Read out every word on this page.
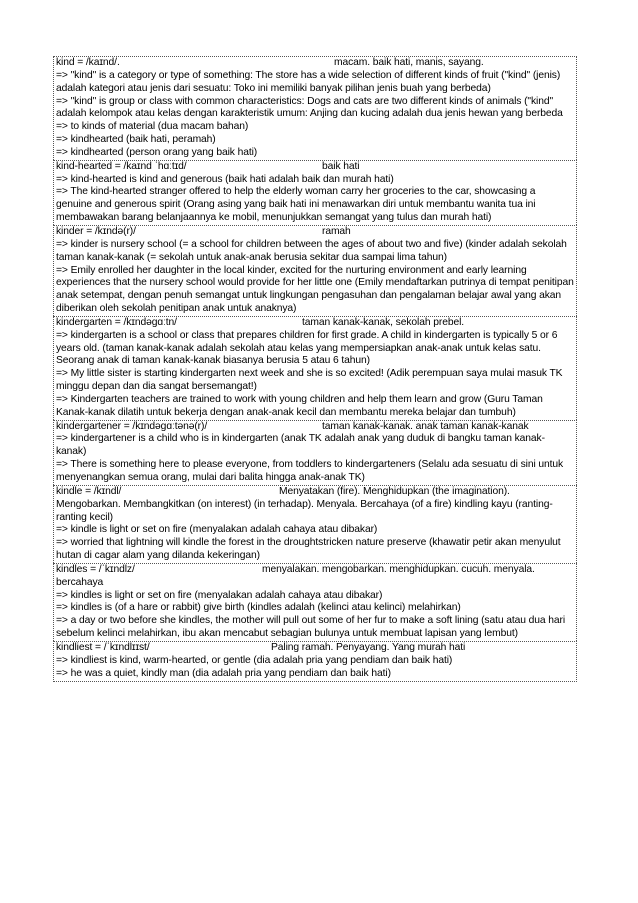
kind = /kaɪnd/.	macam. baik hati, manis, sayang.
=> "kind" is a category or type of something: The store has a wide selection of different kinds of fruit ("kind" (jenis) adalah kategori atau jenis dari sesuatu: Toko ini memiliki banyak pilihan jenis buah yang berbeda)
=> "kind" is group or class with common characteristics: Dogs and cats are two different kinds of animals ("kind" adalah kelompok atau kelas dengan karakteristik umum: Anjing dan kucing adalah dua jenis hewan yang berbeda
=> to kinds of material (dua macam bahan)
=> kindhearted (baik hati, peramah)
=> kindhearted (person orang yang baik hati)
kind-hearted = /kaɪnd ˈhɑːtɪd/	baik hati
=> kind-hearted is kind and generous (baik hati adalah baik dan murah hati)
=> The kind-hearted stranger offered to help the elderly woman carry her groceries to the car, showcasing a genuine and generous spirit (Orang asing yang baik hati ini menawarkan diri untuk membantu wanita tua ini membawakan barang belanjaannya ke mobil, menunjukkan semangat yang tulus dan murah hati)
kinder = /kɪndə(r)/	ramah
=> kinder is nursery school (= a school for children between the ages of about two and five) (kinder adalah sekolah taman kanak-kanak (= sekolah untuk anak-anak berusia sekitar dua sampai lima tahun)
=> Emily enrolled her daughter in the local kinder, excited for the nurturing environment and early learning experiences that the nursery school would provide for her little one (Emily mendaftarkan putrinya di tempat penitipan anak setempat, dengan penuh semangat untuk lingkungan pengasuhan dan pengalaman belajar awal yang akan diberikan oleh sekolah penitipan anak untuk anaknya)
kindergarten = /kɪndəgɑːtn/	taman kanak-kanak, sekolah prebel.
=> kindergarten is a school or class that prepares children for first grade. A child in kindergarten is typically 5 or 6 years old. (taman kanak-kanak adalah sekolah atau kelas yang mempersiapkan anak-anak untuk kelas satu. Seorang anak di taman kanak-kanak biasanya berusia 5 atau 6 tahun)
=> My little sister is starting kindergarten next week and she is so excited! (Adik perempuan saya mulai masuk TK minggu depan dan dia sangat bersemangat!)
=> Kindergarten teachers are trained to work with young children and help them learn and grow (Guru Taman Kanak-kanak dilatih untuk bekerja dengan anak-anak kecil dan membantu mereka belajar dan tumbuh)
kindergartener = /kɪndəgɑːtənə(r)/	taman kanak-kanak. anak taman kanak-kanak
=> kindergartener is a child who is in kindergarten (anak TK adalah anak yang duduk di bangku taman kanak-kanak)
=> There is something here to please everyone, from toddlers to kindergarteners (Selalu ada sesuatu di sini untuk menyenangkan semua orang, mulai dari balita hingga anak-anak TK)
kindle = /kɪndl/	Menyatakan (fire). Menghidupkan (the imagination).
Mengobarkan. Membangkitkan (on interest) (in terhadap). Menyala. Bercahaya (of a fire) kindling kayu (ranting-ranting kecil)
=> kindle is light or set on fire (menyalakan adalah cahaya atau dibakar)
=> worried that lightning will kindle the forest in the droughtstricken nature preserve (khawatir petir akan menyulut hutan di cagar alam yang dilanda kekeringan)
kindles = /ˈkɪndlz/	menyalakan. mengobarkan. menghidupkan. cucuh. menyala.
bercahaya
=> kindles is light or set on fire (menyalakan adalah cahaya atau dibakar)
=> kindles is (of a hare or rabbit) give birth (kindles adalah (kelinci atau kelinci) melahirkan)
=> a day or two before she kindles, the mother will pull out some of her fur to make a soft lining (satu atau dua hari sebelum kelinci melahirkan, ibu akan mencabut sebagian bulunya untuk membuat lapisan yang lembut)
kindliest = /ˈkɪndlɪɪst/	Paling ramah. Penyayang. Yang murah hati
=> kindliest is kind, warm-hearted, or gentle (dia adalah pria yang pendiam dan baik hati)
=> he was a quiet, kindly man (dia adalah pria yang pendiam dan baik hati)
